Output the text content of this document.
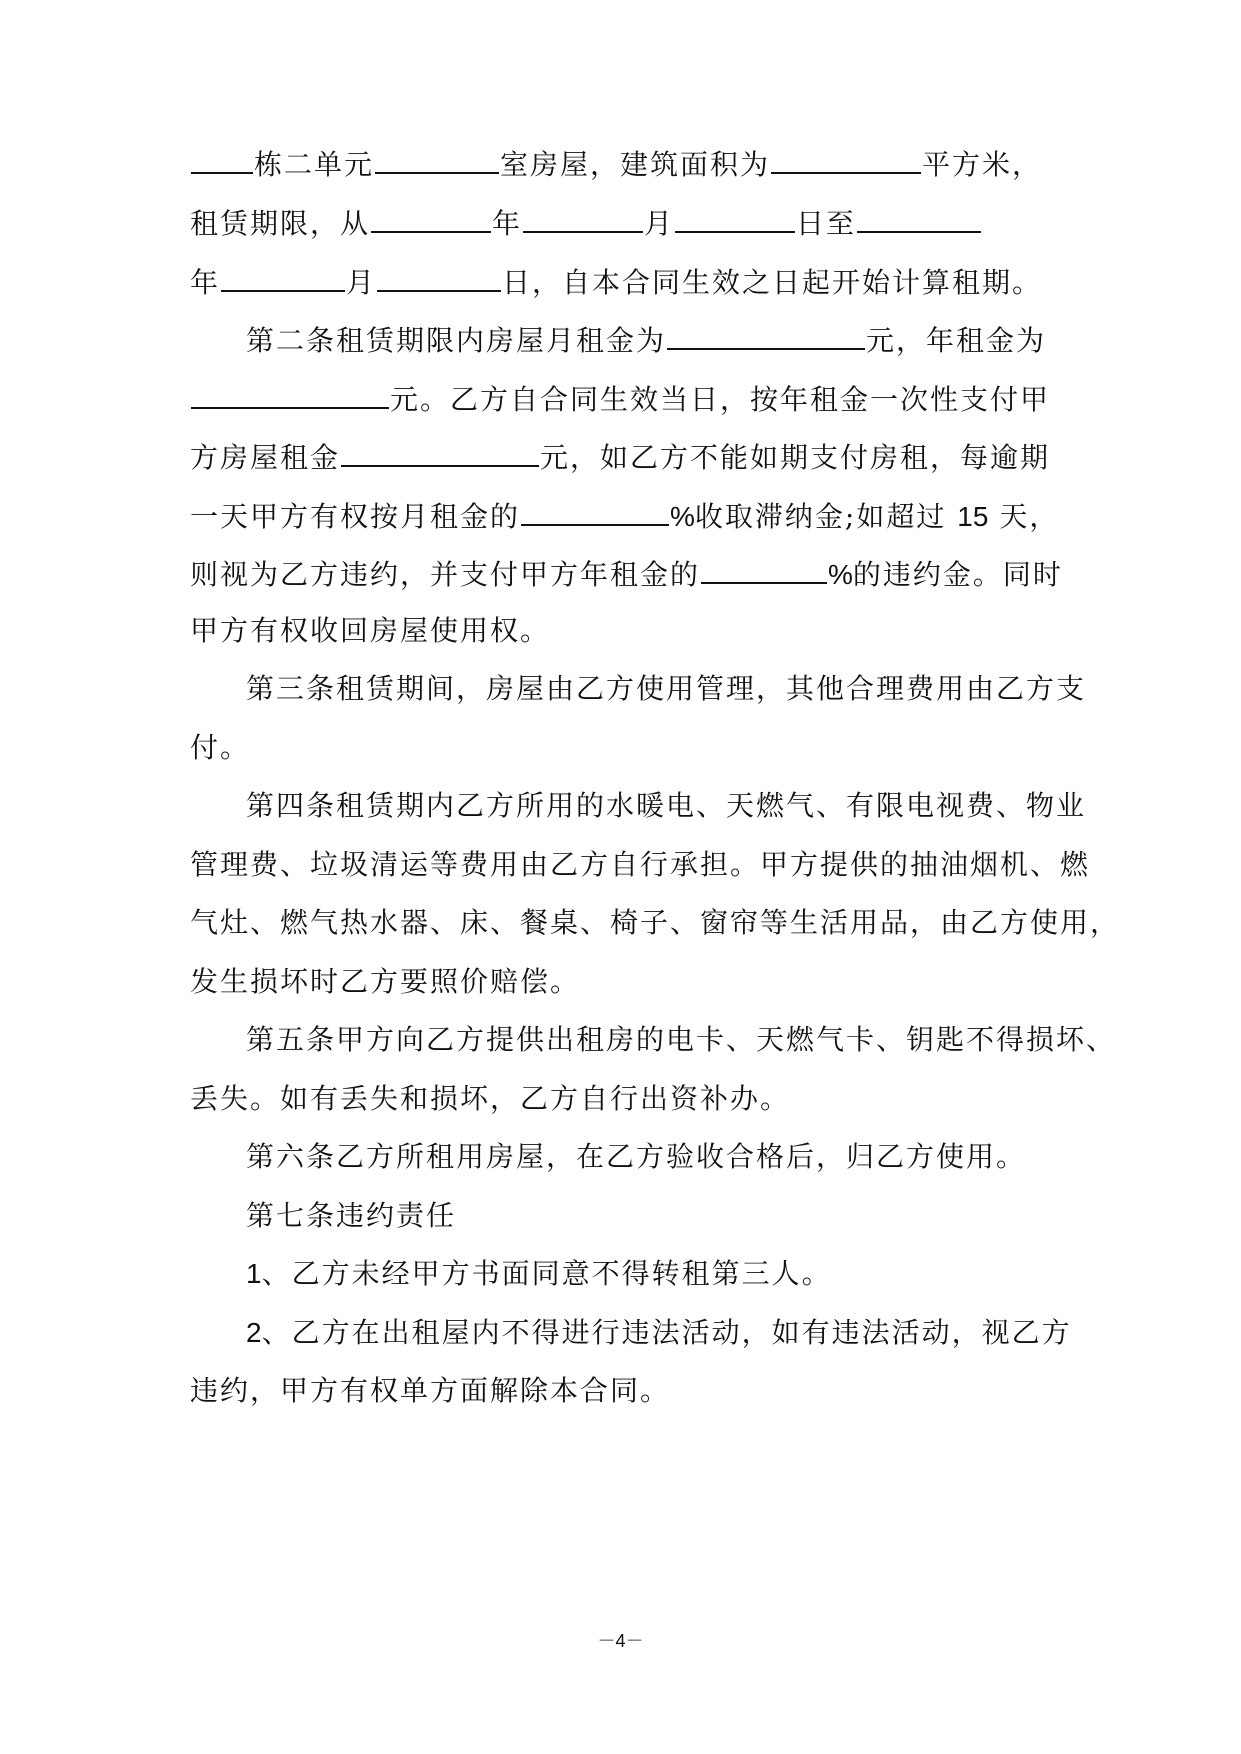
栋二单元	室房屋，建筑面积为	平方米，
租赁期限，从	年	月	日至
年	月	日，自本合同生效之日起开始计算租期。
第二条租赁期限内房屋月租金为	元，年租金为
元。乙方自合同生效当日，按年租金一次性支付甲
方房屋租金	元，如乙方不能如期支付房租，每逾期
一天甲方有权按月租金的	%收取滞纳金;如超过 15 天，
则视为乙方违约，并支付甲方年租金的	%的违约金。同时
甲方有权收回房屋使用权。
第三条租赁期间，房屋由乙方使用管理，其他合理费用由乙方支
付。
第四条租赁期内乙方所用的水暖电、天燃气、有限电视费、物业
管理费、垃圾清运等费用由乙方自行承担。甲方提供的抽油烟机、燃
气灶、燃气热水器、床、餐桌、椅子、窗帘等生活用品，由乙方使用，
发生损坏时乙方要照价赔偿。
第五条甲方向乙方提供出租房的电卡、天燃气卡、钥匙不得损坏、
丢失。如有丢失和损坏，乙方自行出资补办。
第六条乙方所租用房屋，在乙方验收合格后，归乙方使用。
第七条违约责任
1、乙方未经甲方书面同意不得转租第三人。
2、乙方在出租屋内不得进行违法活动，如有违法活动，视乙方
违约，甲方有权单方面解除本合同。
－4－
